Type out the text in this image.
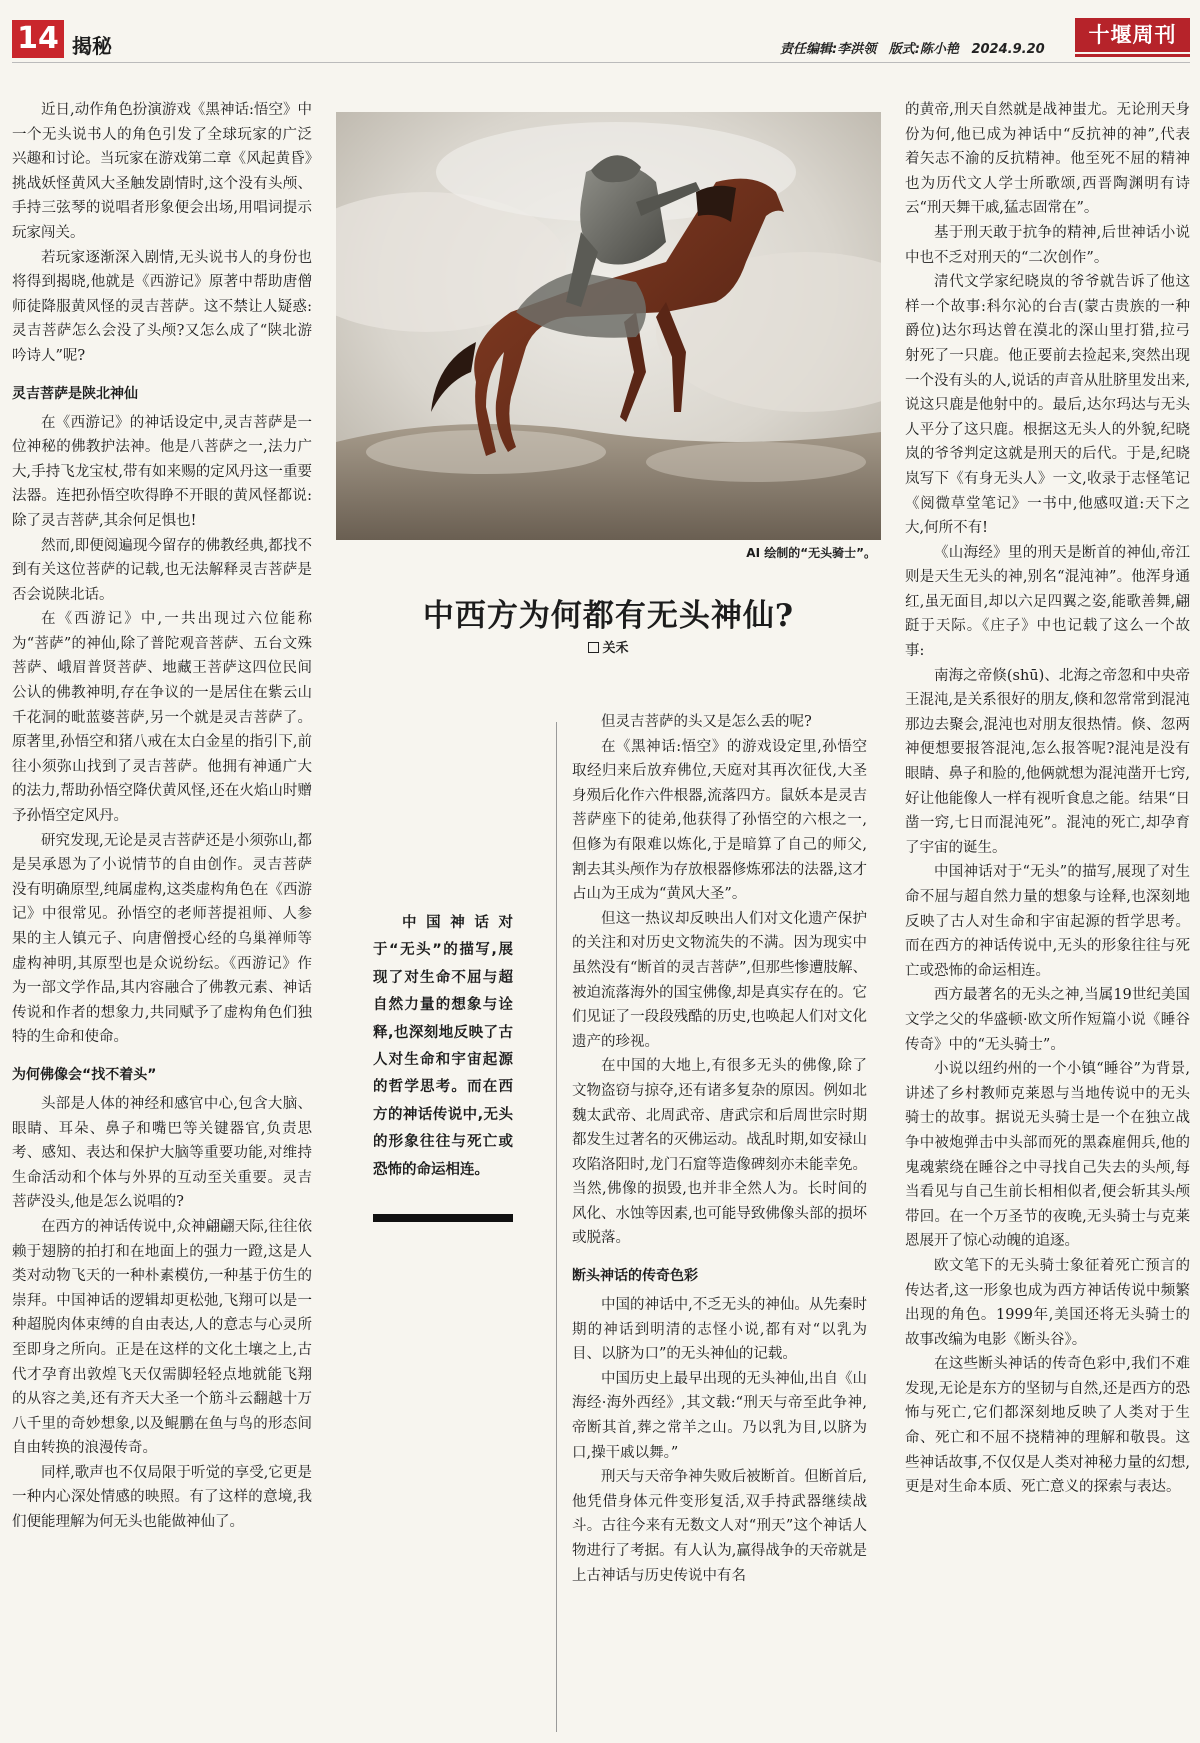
14 揭秘	责任编辑:李洪领 版式:陈小艳 2024.9.20
十堰周刊

近日,动作角色扮演游戏《黑神话:悟空》中一个无头说书人的角色引发了全球玩家的广泛兴趣和讨论。当玩家在游戏第二章《风起黄昏》挑战妖怪黄风大圣触发剧情时,这个没有头颅、手持三弦琴的说唱者形象便会出场,用唱词提示玩家闯关。

若玩家逐渐深入剧情,无头说书人的身份也将得到揭晓,他就是《西游记》原著中帮助唐僧师徒降服黄风怪的灵吉菩萨。这不禁让人疑惑:灵吉菩萨怎么会没了头颅?又怎么成了“陕北游吟诗人”呢?

灵吉菩萨是陕北神仙

在《西游记》的神话设定中,灵吉菩萨是一位神秘的佛教护法神。他是八菩萨之一,法力广大,手持飞龙宝杖,带有如来赐的定风丹这一重要法器。连把孙悟空吹得睁不开眼的黄风怪都说:除了灵吉菩萨,其余何足惧也!

然而,即便阅遍现今留存的佛教经典,都找不到有关这位菩萨的记载,也无法解释灵吉菩萨是否会说陕北话。

在《西游记》中,一共出现过六位能称为“菩萨”的神仙,除了普陀观音菩萨、五台文殊菩萨、峨眉普贤菩萨、地藏王菩萨这四位民间公认的佛教神明,存在争议的一是居住在紫云山千花洞的毗蓝婆菩萨,另一个就是灵吉菩萨了。原著里,孙悟空和猪八戒在太白金星的指引下,前往小须弥山找到了灵吉菩萨。他拥有神通广大的法力,帮助孙悟空降伏黄风怪,还在火焰山时赠予孙悟空定风丹。

研究发现,无论是灵吉菩萨还是小须弥山,都是吴承恩为了小说情节的自由创作。灵吉菩萨没有明确原型,纯属虚构,这类虚构角色在《西游记》中很常见。孙悟空的老师菩提祖师、人参果的主人镇元子、向唐僧授心经的乌巢禅师等虚构神明,其原型也是众说纷纭。《西游记》作为一部文学作品,其内容融合了佛教元素、神话传说和作者的想象力,共同赋予了虚构角色们独特的生命和使命。

为何佛像会“找不着头”

头部是人体的神经和感官中心,包含大脑、眼睛、耳朵、鼻子和嘴巴等关键器官,负责思考、感知、表达和保护大脑等重要功能,对维持生命活动和个体与外界的互动至关重要。灵吉菩萨没头,他是怎么说唱的?

在西方的神话传说中,众神翩翩天际,往往依赖于翅膀的拍打和在地面上的强力一蹬,这是人类对动物飞天的一种朴素模仿,一种基于仿生的崇拜。中国神话的逻辑却更松弛,飞翔可以是一种超脱肉体束缚的自由表达,人的意志与心灵所至即身之所向。正是在这样的文化土壤之上,古代才孕育出敦煌飞天仅需脚轻轻点地就能飞翔的从容之美,还有齐天大圣一个筋斗云翻越十万八千里的奇妙想象,以及鲲鹏在鱼与鸟的形态间自由转换的浪漫传奇。

同样,歌声也不仅局限于听觉的享受,它更是一种内心深处情感的映照。有了这样的意境,我们便能理解为何无头也能做神仙了。

AI 绘制的“无头骑士”。
中西方为何都有无头神仙?
关禾
中国神话对于“无头”的描写,展现了对生命不屈与超自然力量的想象与诠释,也深刻地反映了古人对生命和宇宙起源的哲学思考。而在西方的神话传说中,无头的形象往往与死亡或恐怖的命运相连。

但灵吉菩萨的头又是怎么丢的呢?

在《黑神话:悟空》的游戏设定里,孙悟空取经归来后放弃佛位,天庭对其再次征伐,大圣身殒后化作六件根器,流落四方。鼠妖本是灵吉菩萨座下的徒弟,他获得了孙悟空的六根之一,但修为有限难以炼化,于是暗算了自己的师父,割去其头颅作为存放根器修炼邪法的法器,这才占山为王成为“黄风大圣”。

但这一热议却反映出人们对文化遗产保护的关注和对历史文物流失的不满。因为现实中虽然没有“断首的灵吉菩萨”,但那些惨遭肢解、被迫流落海外的国宝佛像,却是真实存在的。它们见证了一段段残酷的历史,也唤起人们对文化遗产的珍视。

在中国的大地上,有很多无头的佛像,除了文物盗窃与掠夺,还有诸多复杂的原因。例如北魏太武帝、北周武帝、唐武宗和后周世宗时期都发生过著名的灭佛运动。战乱时期,如安禄山攻陷洛阳时,龙门石窟等造像碑刻亦未能幸免。当然,佛像的损毁,也并非全然人为。长时间的风化、水蚀等因素,也可能导致佛像头部的损坏或脱落。

断头神话的传奇色彩

中国的神话中,不乏无头的神仙。从先秦时期的神话到明清的志怪小说,都有对“以乳为目、以脐为口”的无头神仙的记载。

中国历史上最早出现的无头神仙,出自《山海经·海外西经》,其文载:“刑天与帝至此争神,帝断其首,葬之常羊之山。乃以乳为目,以脐为口,操干戚以舞。”

刑天与天帝争神失败后被断首。但断首后,他凭借身体元件变形复活,双手持武器继续战斗。古往今来有无数文人对“刑天”这个神话人物进行了考据。有人认为,赢得战争的天帝就是上古神话与历史传说中有名

的黄帝,刑天自然就是战神蚩尤。无论刑天身份为何,他已成为神话中“反抗神的神”,代表着矢志不渝的反抗精神。他至死不屈的精神也为历代文人学士所歌颂,西晋陶渊明有诗云“刑天舞干戚,猛志固常在”。

基于刑天敢于抗争的精神,后世神话小说中也不乏对刑天的“二次创作”。

清代文学家纪晓岚的爷爷就告诉了他这样一个故事:科尔沁的台吉(蒙古贵族的一种爵位)达尔玛达曾在漠北的深山里打猎,拉弓射死了一只鹿。他正要前去捡起来,突然出现一个没有头的人,说话的声音从肚脐里发出来,说这只鹿是他射中的。最后,达尔玛达与无头人平分了这只鹿。根据这无头人的外貌,纪晓岚的爷爷判定这就是刑天的后代。于是,纪晓岚写下《有身无头人》一文,收录于志怪笔记《阅微草堂笔记》一书中,他感叹道:天下之大,何所不有!

《山海经》里的刑天是断首的神仙,帝江则是天生无头的神,别名“混沌神”。他浑身通红,虽无面目,却以六足四翼之姿,能歌善舞,翩跹于天际。《庄子》中也记载了这么一个故事:

南海之帝倏(shū)、北海之帝忽和中央帝王混沌,是关系很好的朋友,倏和忽常常到混沌那边去聚会,混沌也对朋友很热情。倏、忽两神便想要报答混沌,怎么报答呢?混沌是没有眼睛、鼻子和脸的,他俩就想为混沌凿开七窍,好让他能像人一样有视听食息之能。结果“日凿一窍,七日而混沌死”。混沌的死亡,却孕育了宇宙的诞生。

中国神话对于“无头”的描写,展现了对生命不屈与超自然力量的想象与诠释,也深刻地反映了古人对生命和宇宙起源的哲学思考。而在西方的神话传说中,无头的形象往往与死亡或恐怖的命运相连。

西方最著名的无头之神,当属19世纪美国文学之父的华盛顿·欧文所作短篇小说《睡谷传奇》中的“无头骑士”。

小说以纽约州的一个小镇“睡谷”为背景,讲述了乡村教师克莱恩与当地传说中的无头骑士的故事。据说无头骑士是一个在独立战争中被炮弹击中头部而死的黑森雇佣兵,他的鬼魂萦绕在睡谷之中寻找自己失去的头颅,每当看见与自己生前长相相似者,便会斩其头颅带回。在一个万圣节的夜晚,无头骑士与克莱恩展开了惊心动魄的追逐。

欧文笔下的无头骑士象征着死亡预言的传达者,这一形象也成为西方神话传说中频繁出现的角色。1999年,美国还将无头骑士的故事改编为电影《断头谷》。

在这些断头神话的传奇色彩中,我们不难发现,无论是东方的坚韧与自然,还是西方的恐怖与死亡,它们都深刻地反映了人类对于生命、死亡和不屈不挠精神的理解和敬畏。这些神话故事,不仅仅是人类对神秘力量的幻想,更是对生命本质、死亡意义的探索与表达。
